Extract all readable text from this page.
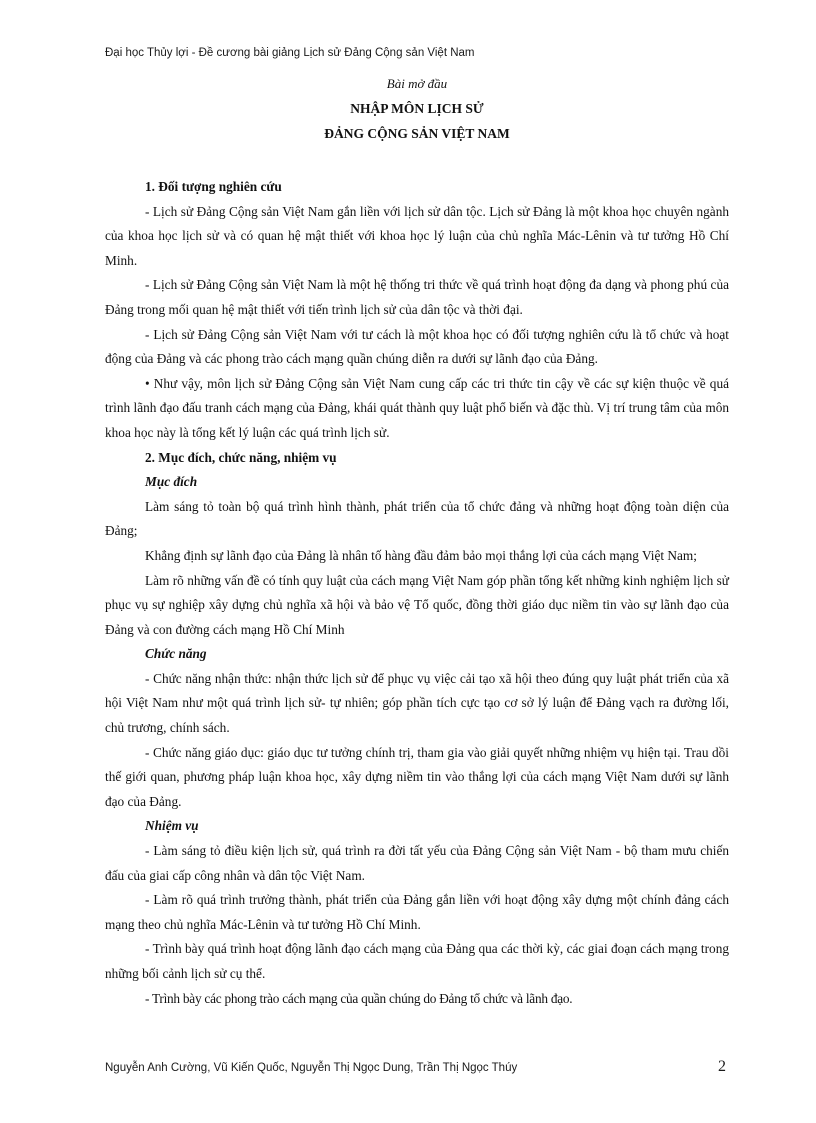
Đại học Thủy lợi - Đề cương bài giảng Lịch sử Đảng Cộng sản Việt Nam
Bài mở đầu
NHẬP MÔN LỊCH SỬ
ĐẢNG CỘNG SẢN VIỆT NAM

1. Đối tượng nghiên cứu

- Lịch sử Đảng Cộng sản Việt Nam gắn liền với lịch sử dân tộc. Lịch sử Đảng là một khoa học chuyên ngành của khoa học lịch sử và có quan hệ mật thiết với khoa học lý luận của chủ nghĩa Mác-Lênin và tư tưởng Hồ Chí Minh.

- Lịch sử Đảng Cộng sản Việt Nam là một hệ thống tri thức về quá trình hoạt động đa dạng và phong phú của Đảng trong mối quan hệ mật thiết với tiến trình lịch sử của dân tộc và thời đại.

- Lịch sử Đảng Cộng sản Việt Nam với tư cách là một khoa học có đối tượng nghiên cứu là tổ chức và hoạt động của Đảng và các phong trào cách mạng quần chúng diễn ra dưới sự lãnh đạo của Đảng.

• Như vậy, môn lịch sử Đảng Cộng sản Việt Nam cung cấp các tri thức tin cậy về các sự kiện thuộc về quá trình lãnh đạo đấu tranh cách mạng của Đảng, khái quát thành quy luật phổ biến và đặc thù. Vị trí trung tâm của môn khoa học này là tổng kết lý luận các quá trình lịch sử.

2. Mục đích, chức năng, nhiệm vụ

Mục đích

Làm sáng tỏ toàn bộ quá trình hình thành, phát triển của tổ chức đảng và những hoạt động toàn diện của Đảng;

Khẳng định sự lãnh đạo của Đảng là nhân tố hàng đầu đảm bảo mọi thắng lợi của cách mạng Việt Nam;

Làm rõ những vấn đề có tính quy luật của cách mạng Việt Nam góp phần tổng kết những kinh nghiệm lịch sử phục vụ sự nghiệp xây dựng chủ nghĩa xã hội và bảo vệ Tổ quốc, đồng thời giáo dục niềm tin vào sự lãnh đạo của Đảng và con đường cách mạng Hồ Chí Minh

Chức năng

- Chức năng nhận thức: nhận thức lịch sử để phục vụ việc cải tạo xã hội theo đúng quy luật phát triển của xã hội Việt Nam như một quá trình lịch sử- tự nhiên; góp phần tích cực tạo cơ sở lý luận để Đảng vạch ra đường lối, chủ trương, chính sách.

- Chức năng giáo dục: giáo dục tư tưởng chính trị, tham gia vào giải quyết những nhiệm vụ hiện tại. Trau dồi thế giới quan, phương pháp luận khoa học, xây dựng niềm tin vào thắng lợi của cách mạng Việt Nam dưới sự lãnh đạo của Đảng.

Nhiệm vụ

- Làm sáng tỏ điều kiện lịch sử, quá trình ra đời tất yếu của Đảng Cộng sản Việt Nam - bộ tham mưu chiến đấu của giai cấp công nhân và dân tộc Việt Nam.

- Làm rõ quá trình trưởng thành, phát triển của Đảng gắn liền với hoạt động xây dựng một chính đảng cách mạng theo chủ nghĩa Mác-Lênin và tư tưởng Hồ Chí Minh.

- Trình bày quá trình hoạt động lãnh đạo cách mạng của Đảng qua các thời kỳ, các giai đoạn cách mạng trong những bối cảnh lịch sử cụ thể.

- Trình bày các phong trào cách mạng của quần chúng do Đảng tổ chức và lãnh đạo.

Nguyễn Anh Cường, Vũ Kiến Quốc, Nguyễn Thị Ngọc Dung, Trần Thị Ngọc Thúy	2
